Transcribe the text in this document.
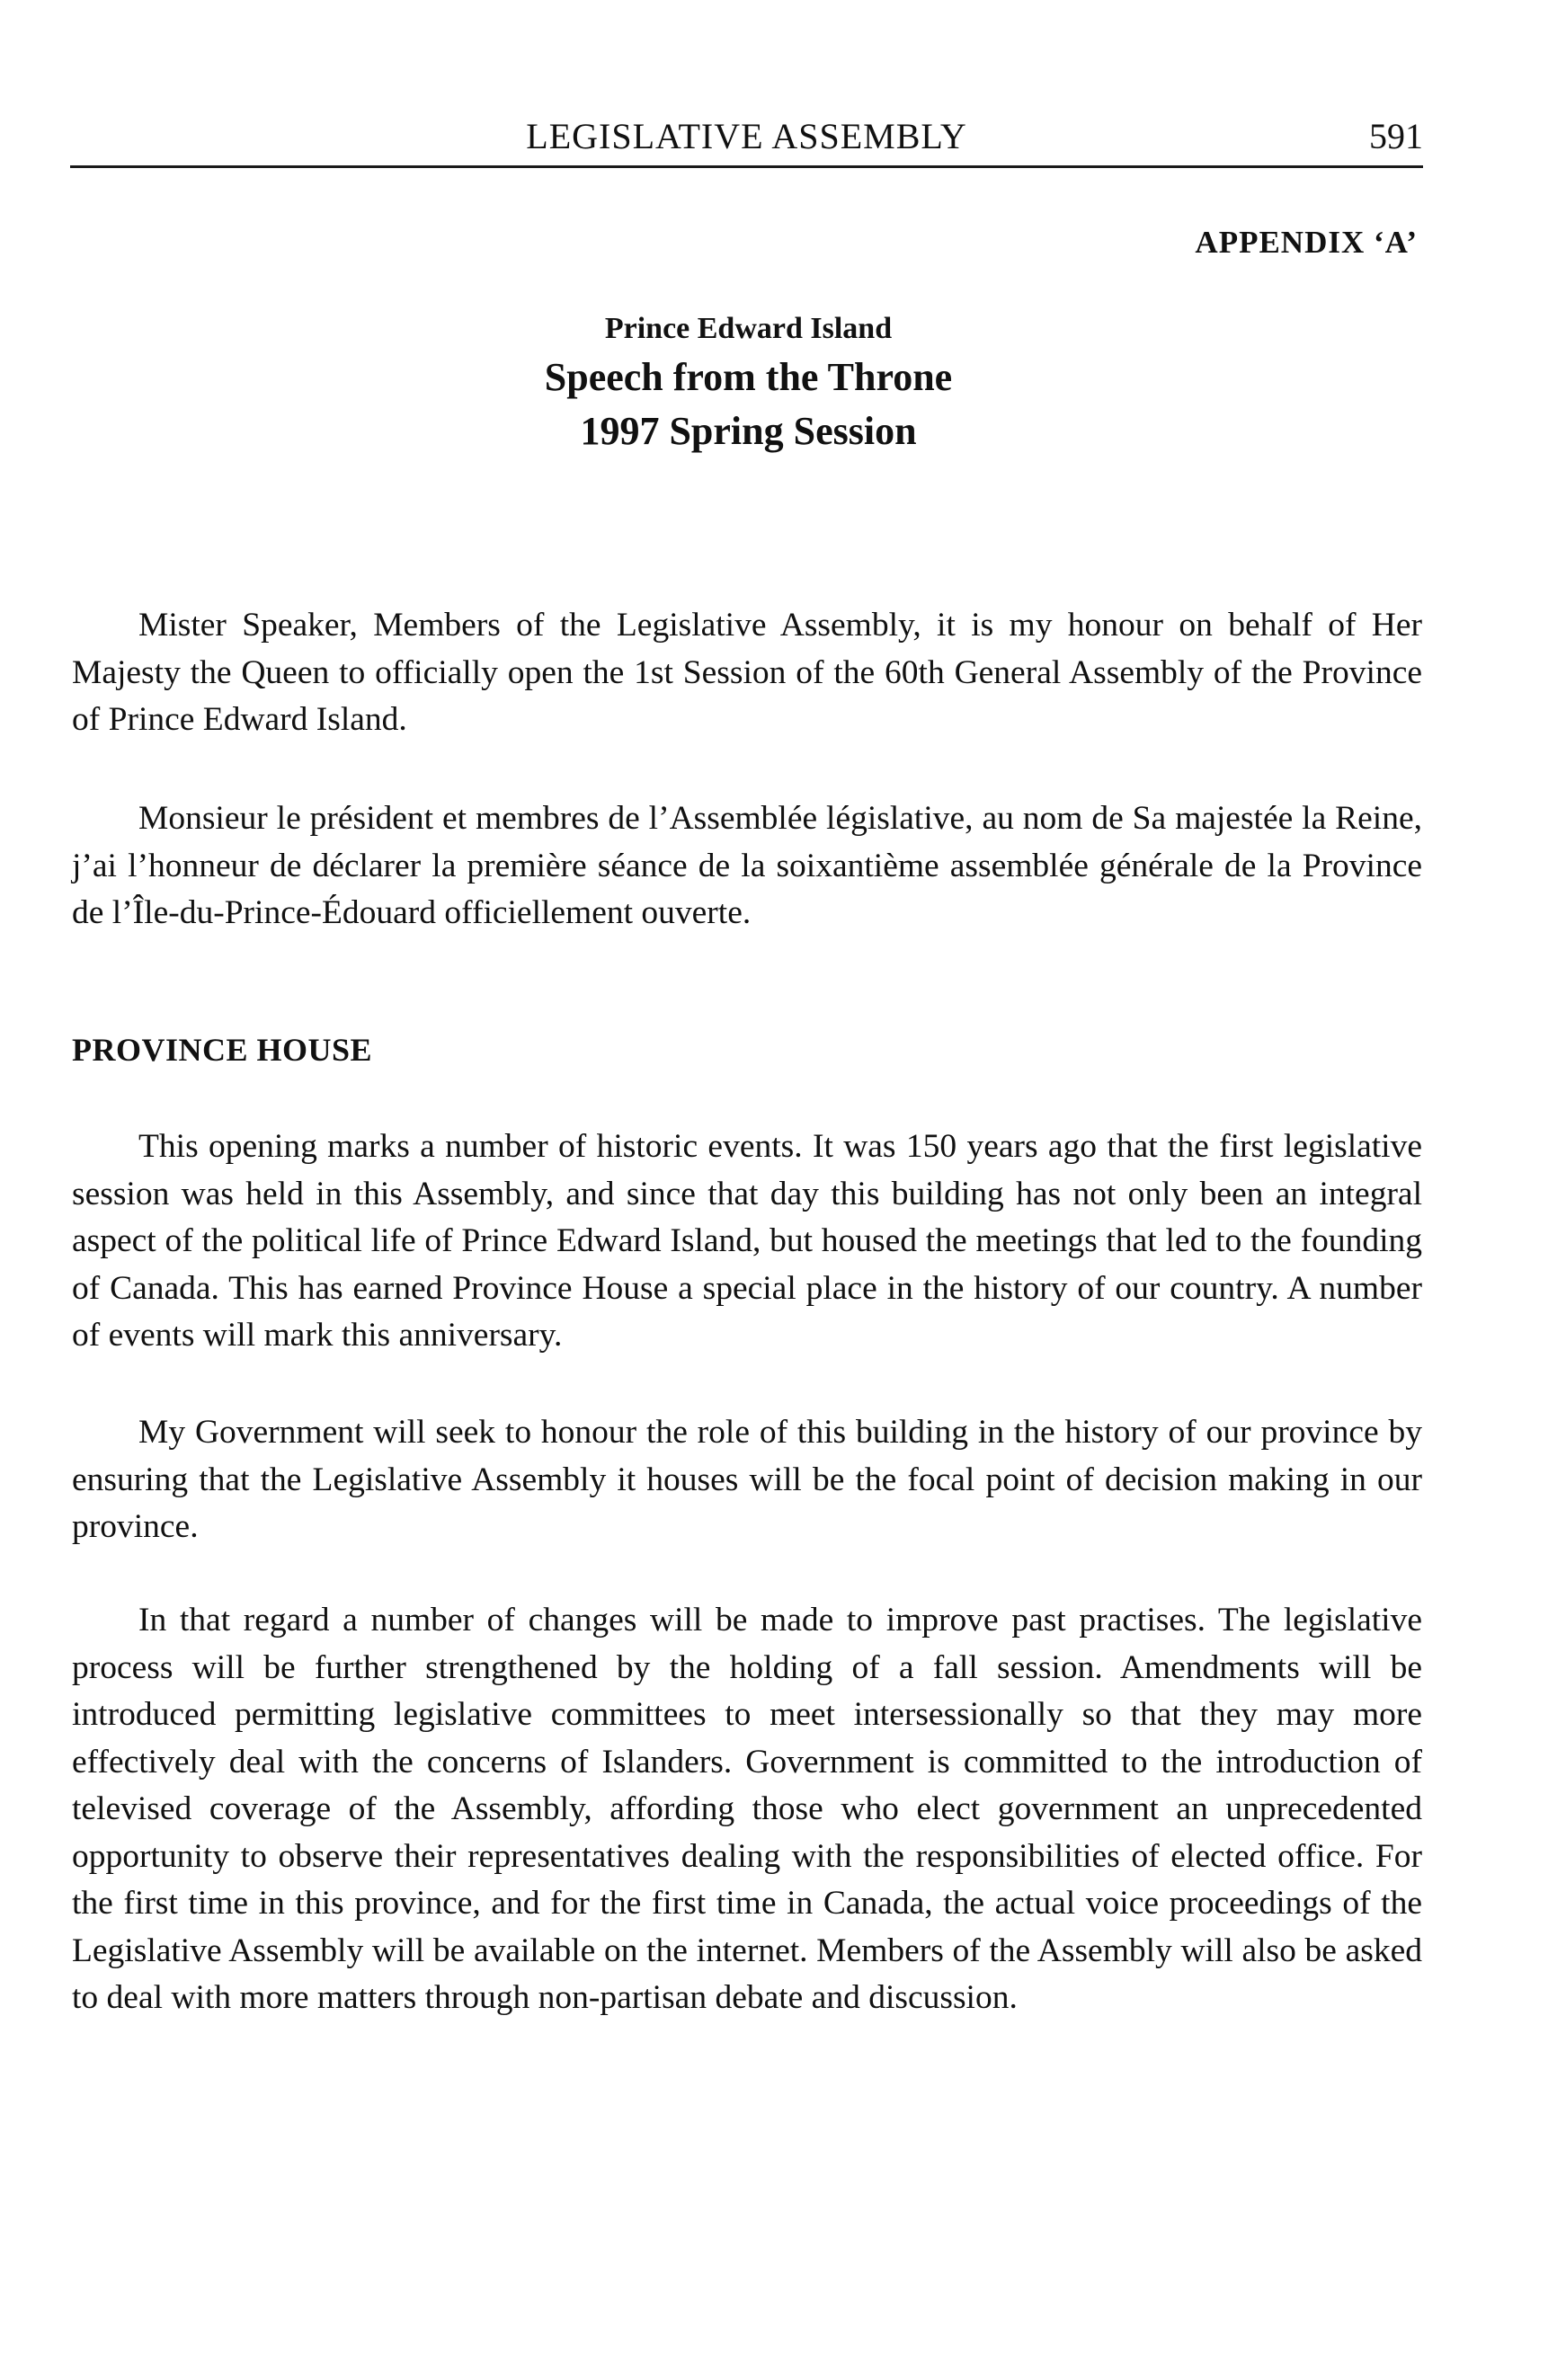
LEGISLATIVE ASSEMBLY	591
APPENDIX ‘A’
Prince Edward Island
Speech from the Throne
1997 Spring Session

Mister Speaker, Members of the Legislative Assembly, it is my honour on behalf of Her Majesty the Queen to officially open the 1st Session of the 60th General Assembly of the Province of Prince Edward Island.

Monsieur le président et membres de l’Assemblée législative, au nom de Sa majestée la Reine, j’ai l’honneur de déclarer la première séance de la soixantième assemblée générale de la Province de l’Île-du-Prince-Édouard officiellement ouverte.

PROVINCE HOUSE

This opening marks a number of historic events. It was 150 years ago that the first legislative session was held in this Assembly, and since that day this building has not only been an integral aspect of the political life of Prince Edward Island, but housed the meetings that led to the founding of Canada. This has earned Province House a special place in the history of our country. A number of events will mark this anniversary.

My Government will seek to honour the role of this building in the history of our province by ensuring that the Legislative Assembly it houses will be the focal point of decision making in our province.

In that regard a number of changes will be made to improve past practises. The legislative process will be further strengthened by the holding of a fall session. Amendments will be introduced permitting legislative committees to meet intersessionally so that they may more effectively deal with the concerns of Islanders. Government is committed to the introduction of televised coverage of the Assembly, affording those who elect government an unprecedented opportunity to observe their representatives dealing with the responsibilities of elected office. For the first time in this province, and for the first time in Canada, the actual voice proceedings of the Legislative Assembly will be available on the internet. Members of the Assembly will also be asked to deal with more matters through non-partisan debate and discussion.
